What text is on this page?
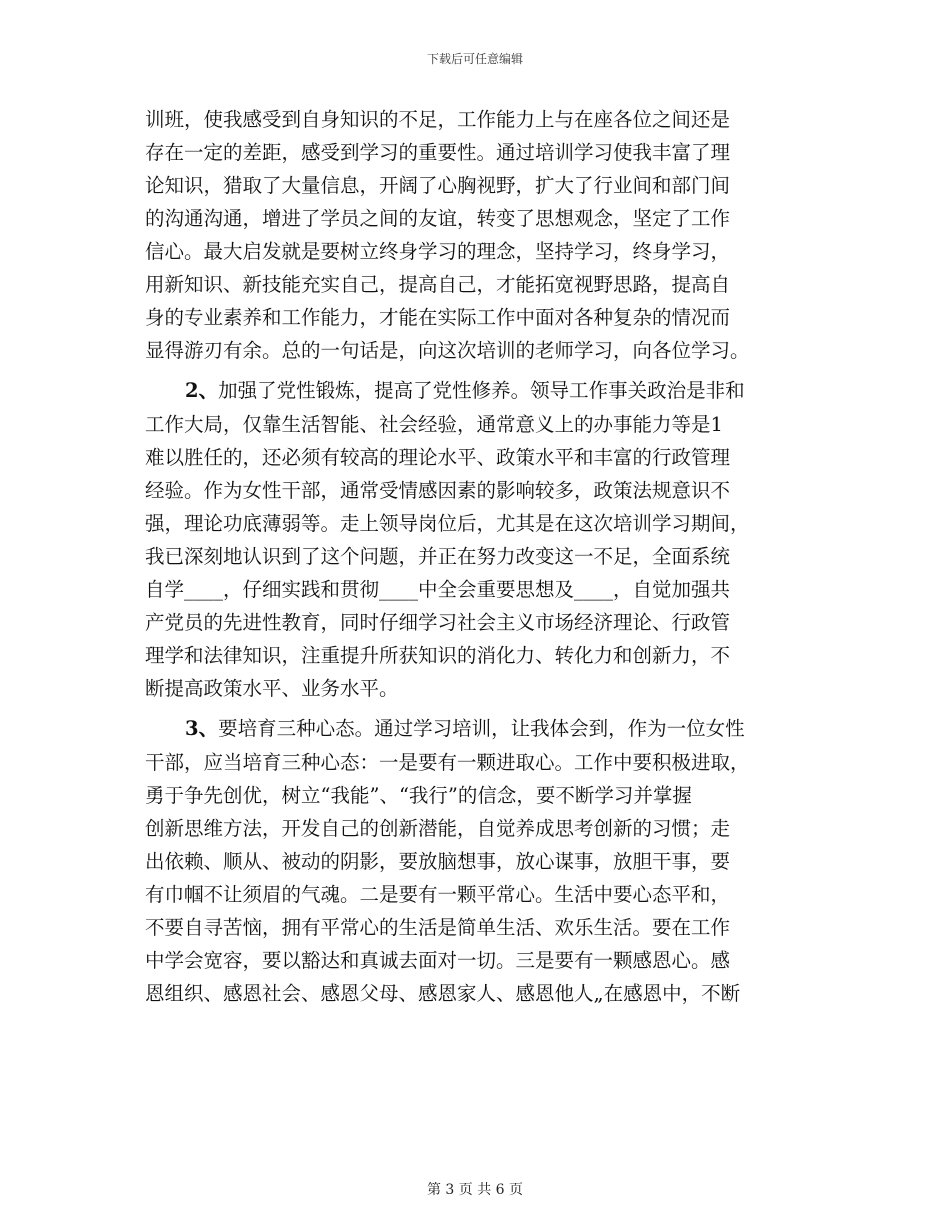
下载后可任意编辑
训班，使我感受到自身知识的不足，工作能力上与在座各位之间还是
存在一定的差距，感受到学习的重要性。通过培训学习使我丰富了理
论知识，猎取了大量信息，开阔了心胸视野，扩大了行业间和部门间
的沟通沟通，增进了学员之间的友谊，转变了思想观念，坚定了工作
信心。最大启发就是要树立终身学习的理念，坚持学习，终身学习，
用新知识、新技能充实自己，提高自己，才能拓宽视野思路，提高自
身的专业素养和工作能力，才能在实际工作中面对各种复杂的情况而
显得游刃有余。总的一句话是，向这次培训的老师学习，向各位学习。
2、加强了党性锻炼，提高了党性修养。领导工作事关政治是非和
工作大局，仅靠生活智能、社会经验，通常意义上的办事能力等是1
难以胜任的，还必须有较高的理论水平、政策水平和丰富的行政管理
经验。作为女性干部，通常受情感因素的影响较多，政策法规意识不
强，理论功底薄弱等。走上领导岗位后，尤其是在这次培训学习期间，
我已深刻地认识到了这个问题，并正在努力改变这一不足，全面系统
自学____，仔细实践和贯彻____中全会重要思想及____，自觉加强共
产党员的先进性教育，同时仔细学习社会主义市场经济理论、行政管
理学和法律知识，注重提升所获知识的消化力、转化力和创新力，不
断提高政策水平、业务水平。
3、要培育三种心态。通过学习培训，让我体会到，作为一位女性
干部，应当培育三种心态：一是要有一颗进取心。工作中要积极进取，
勇于争先创优，树立“我能”、“我行”的信念，要不断学习并掌握
创新思维方法，开发自己的创新潜能，自觉养成思考创新的习惯；走
出依赖、顺从、被动的阴影，要放脑想事，放心谋事，放胆干事，要
有巾帼不让须眉的气魂。二是要有一颗平常心。生活中要心态平和，
不要自寻苦恼，拥有平常心的生活是简单生活、欢乐生活。要在工作
中学会宽容，要以豁达和真诚去面对一切。三是要有一颗感恩心。感
恩组织、感恩社会、感恩父母、感恩家人、感恩他人„在感恩中，不断
第 3 页 共 6 页
